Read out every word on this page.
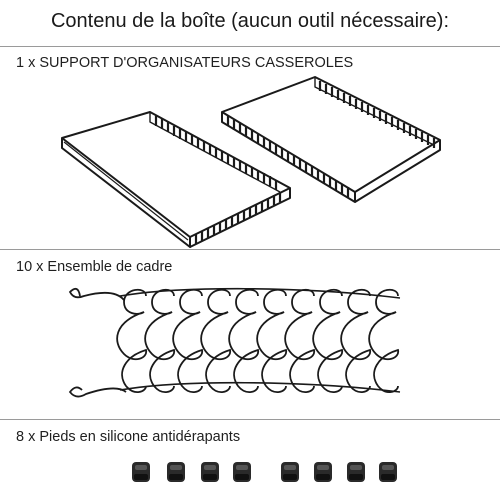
Contenu de la boîte (aucun outil nécessaire):
1 x SUPPORT D'ORGANISATEURS CASSEROLES
10 x Ensemble de cadre
8 x Pieds en silicone antidérapants
